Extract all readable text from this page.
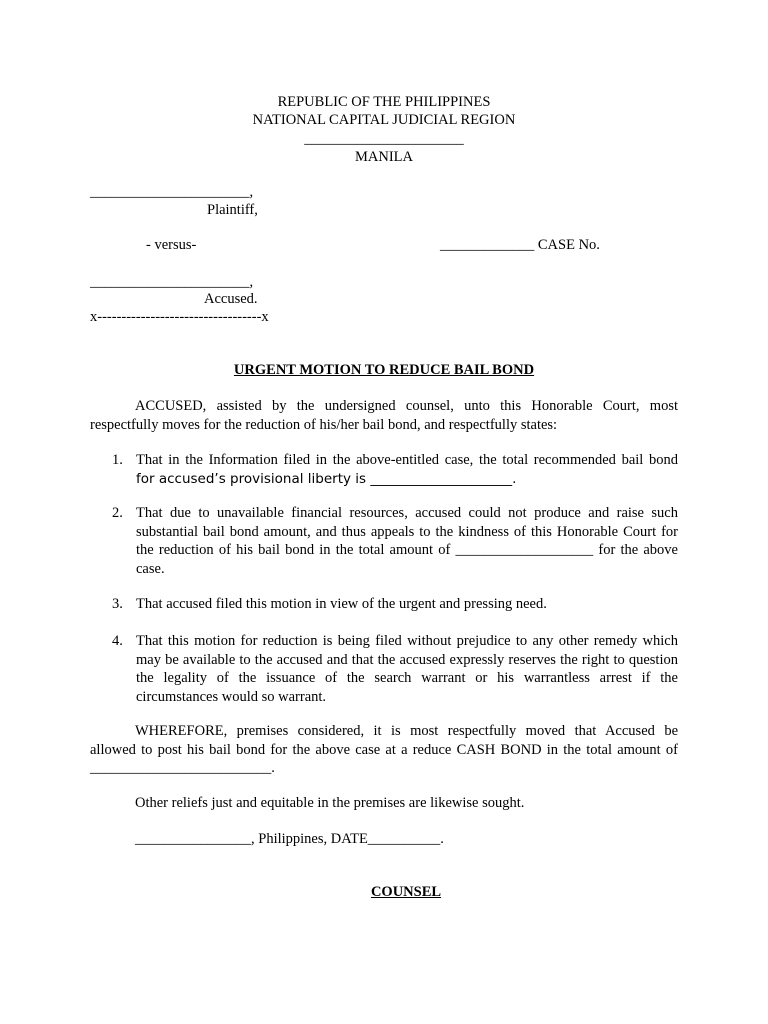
REPUBLIC OF THE PHILIPPINES
NATIONAL CAPITAL JUDICIAL REGION
______________________
MANILA
______________________,
Plaintiff,
- versus-	_____________ CASE No.
______________________,
Accused.
x----------------------------------x
URGENT MOTION TO REDUCE BAIL BOND
ACCUSED, assisted by the undersigned counsel, unto this Honorable Court, most respectfully moves for the reduction of his/her bail bond, and respectfully states:
1. That in the Information filed in the above-entitled case, the total recommended bail bond
for accused’s provisional liberty is _____________________.
2. That due to unavailable financial resources, accused could not produce and raise such
substantial bail bond amount, and thus appeals to the kindness of this Honorable Court for
the reduction of his bail bond in the total amount of ___________________ for the above
case.
3. That accused filed this motion in view of the urgent and pressing need.
4. That this motion for reduction is being filed without prejudice to any other remedy which
may be available to the accused and that the accused expressly reserves the right to question
the legality of the issuance of the search warrant or his warrantless arrest if the
circumstances would so warrant.
WHEREFORE, premises considered, it is most respectfully moved that Accused be
allowed to post his bail bond for the above case at a reduce CASH BOND in the total amount of
_________________________.
Other reliefs just and equitable in the premises are likewise sought.
________________, Philippines, DATE__________.
COUNSEL
